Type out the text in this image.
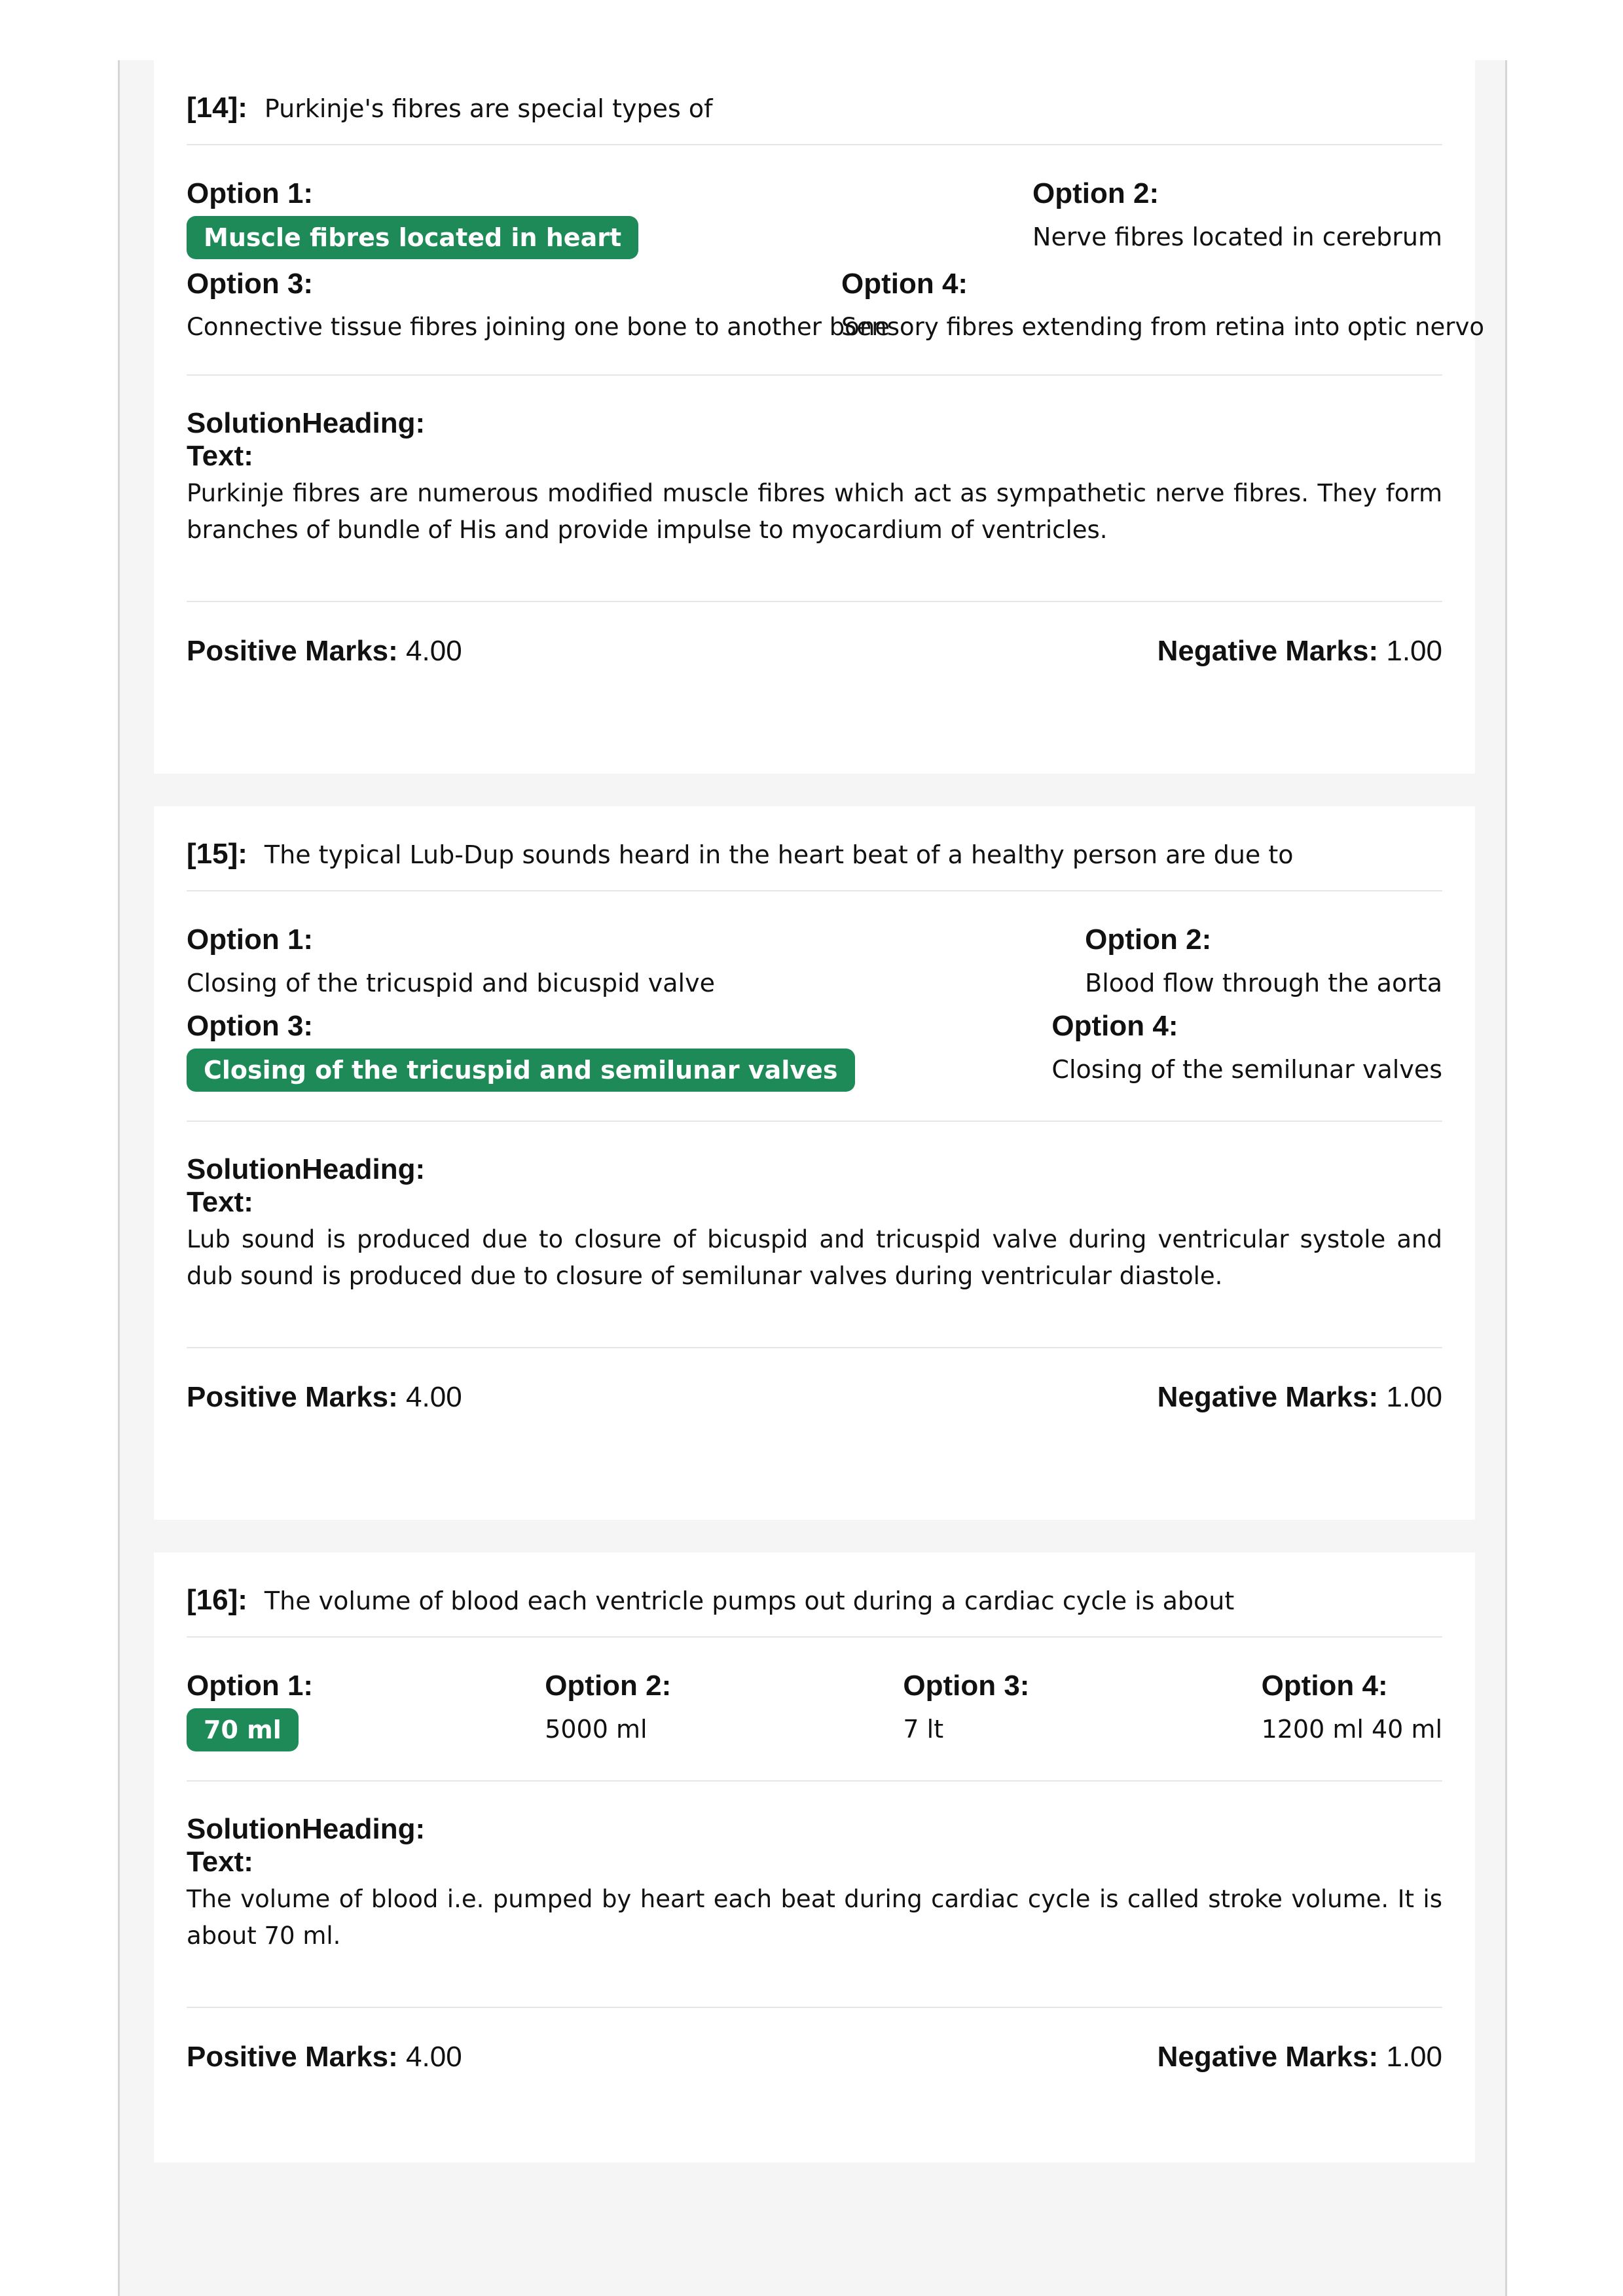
[14]: Purkinje's fibres are special types of
Option 1:
Muscle fibres located in heart
Option 2:
Nerve fibres located in cerebrum
Option 3:
Connective tissue fibres joining one bone to another bone
Option 4:
Sensory fibres extending from retina into optic nervo
SolutionHeading:
Text:
Purkinje fibres are numerous modified muscle fibres which act as sympathetic nerve fibres. They form branches of bundle of His and provide impulse to myocardium of ventricles.
Positive Marks: 4.00	Negative Marks: 1.00
[15]: The typical Lub-Dup sounds heard in the heart beat of a healthy person are due to
Option 1:
Closing of the tricuspid and bicuspid valve
Option 2:
Blood flow through the aorta
Option 3:
Closing of the tricuspid and semilunar valves
Option 4:
Closing of the semilunar valves
SolutionHeading:
Text:
Lub sound is produced due to closure of bicuspid and tricuspid valve during ventricular systole and dub sound is produced due to closure of semilunar valves during ventricular diastole.
Positive Marks: 4.00	Negative Marks: 1.00
[16]: The volume of blood each ventricle pumps out during a cardiac cycle is about
Option 1:
70 ml
Option 2:
5000 ml
Option 3:
7 lt
Option 4:
1200 ml 40 ml
SolutionHeading:
Text:
The volume of blood i.e. pumped by heart each beat during cardiac cycle is called stroke volume. It is about 70 ml.
Positive Marks: 4.00	Negative Marks: 1.00
